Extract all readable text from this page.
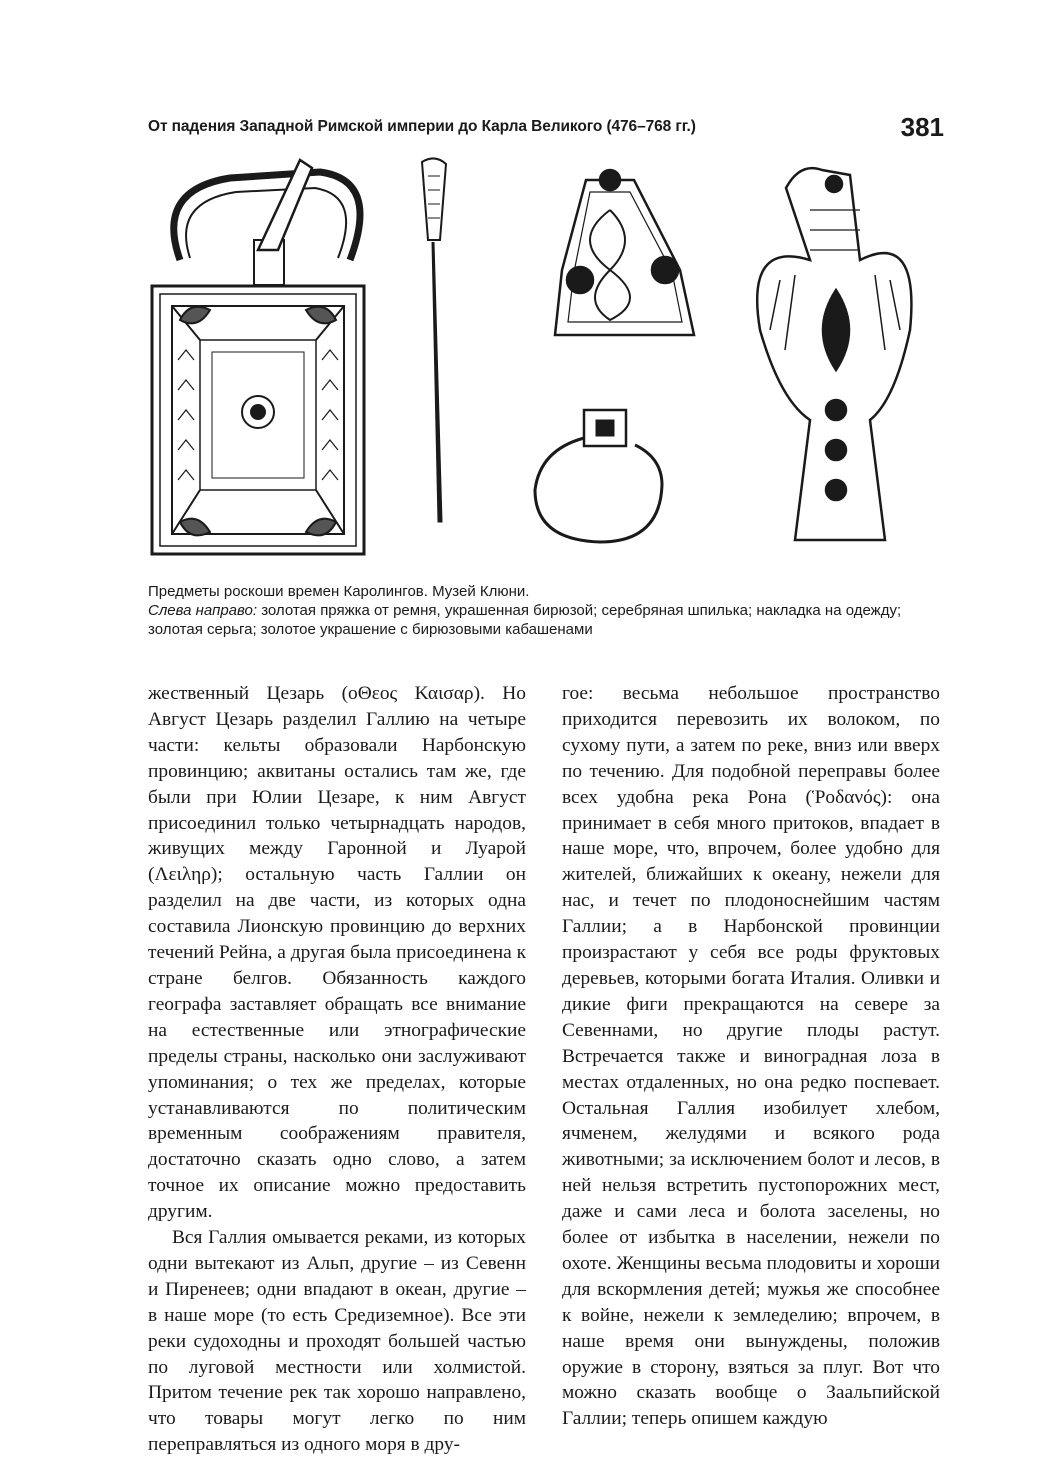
От падения Западной Римской империи до Карла Великого (476–768 гг.)	381
Предметы роскоши времен Каролингов. Музей Клюни.
Слева направо: золотая пряжка от ремня, украшенная бирюзой; серебряная шпилька; накладка на одежду; золотая серьга; золотое украшение с бирюзовыми кабашенами

жественный Цезарь (οΘεος Καισαρ). Но Август Цезарь разделил Галлию на четыре части: кельты образовали Нарбонскую провинцию; аквитаны остались там же, где были при Юлии Цезаре, к ним Август присоединил только четырнадцать народов, живущих между Гаронной и Луарой (Λειληρ); остальную часть Галлии он разделил на две части, из которых одна составила Лионскую провинцию до верхних течений Рейна, а другая была присоединена к стране белгов. Обязанность каждого географа заставляет обращать все внимание на естественные или этнографические пределы страны, насколько они заслуживают упоминания; о тех же пределах, которые устанавливаются по политическим временным соображениям правителя, достаточно сказать одно слово, а затем точное их описание можно предоставить другим.

Вся Галлия омывается реками, из которых одни вытекают из Альп, другие – из Севенн и Пиренеев; одни впадают в океан, другие – в наше море (то есть Средиземное). Все эти реки судоходны и проходят большей частью по луговой местности или холмистой. Притом течение рек так хорошо направлено, что товары могут легко по ним переправляться из одного моря в дру-

гое: весьма небольшое пространство приходится перевозить их волоком, по сухому пути, а затем по реке, вниз или вверх по течению. Для подобной переправы более всех удобна река Рона (Ῥοδανός): она принимает в себя много притоков, впадает в наше море, что, впрочем, более удобно для жителей, ближайших к океану, нежели для нас, и течет по плодоноснейшим частям Галлии; а в Нарбонской провинции произрастают у себя все роды фруктовых деревьев, которыми богата Италия. Оливки и дикие фиги прекращаются на севере за Севеннами, но другие плоды растут. Встречается также и виноградная лоза в местах отдаленных, но она редко поспевает. Остальная Галлия изобилует хлебом, ячменем, желудями и всякого рода животными; за исключением болот и лесов, в ней нельзя встретить пустопорожних мест, даже и сами леса и болота заселены, но более от избытка в населении, нежели по охоте. Женщины весьма плодовиты и хороши для вскормления детей; мужья же способнее к войне, нежели к земледелию; впрочем, в наше время они вынуждены, положив оружие в сторону, взяться за плуг. Вот что можно сказать вообще о Заальпийской Галлии; теперь опишем каждую
